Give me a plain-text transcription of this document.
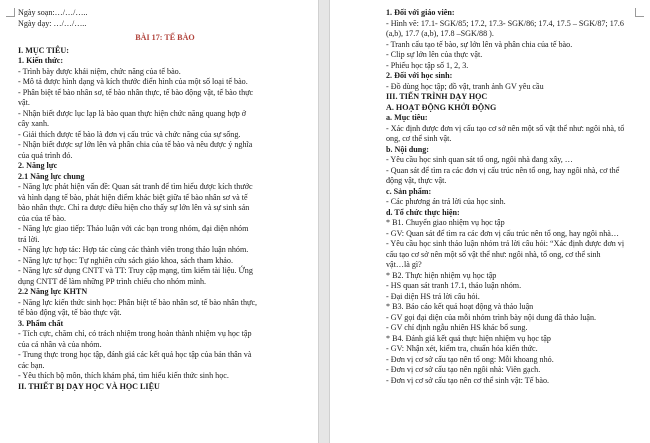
Ngày soạn:…/…/…..
Ngày dạy: …/…/…..
BÀI 17: TẾ BÀO
I. MỤC TIÊU:
1. Kiến thức:
- Trình bày được khái niệm, chức năng của tế bào.
- Mô tả được hình dạng và kích thước điển hình của một số loại tế bào.
- Phân biệt tế bào nhân sơ, tế bào nhân thực, tế bào động vật, tế bào thực
vật.
- Nhận biết được lục lạp là bào quan thực hiện chức năng quang hợp ở
cây xanh.
- Giải thích được tế bào là đơn vị cấu trúc và chức năng của sự sống.
- Nhận biết được sự lớn lên và phân chia của tế bào và nêu được ý nghĩa
của quá trình đó.
2. Năng lực
2.1 Năng lực chung
- Năng lực phát hiện vấn đề: Quan sát tranh để tìm hiểu được kích thước
và hình dạng tế bào, phát hiện điểm khác biệt giữa tế bào nhân sơ và tế
bào nhân thực. Chỉ ra được điều hiện cho thấy sự lớn lên và sự sinh sản
của của tế bào.
- Năng lực giao tiếp: Thảo luận với các bạn trong nhóm, đại diện nhóm
trả lời.
- Năng lực hợp tác: Hợp tác cùng các thành viên trong thảo luận nhóm.
- Năng lực tự học: Tự nghiên cứu sách giáo khoa, sách tham khảo.
- Năng lực sử dụng CNTT và TT: Truy cập mạng, tìm kiếm tài liệu. Ứng
dụng CNTT để làm những PP trình chiếu cho nhóm mình.
2.2 Năng lực KHTN
- Năng lực kiến thức sinh học: Phân biệt tế bào nhân sơ, tế bào nhân thực,
tế bào động vật, tế bào thực vật.
3. Phẩm chất
- Tích cực, chăm chỉ, có trách nhiệm trong hoàn thành nhiệm vụ học tập
của cá nhân và của nhóm.
- Trung thực trong học tập, đánh giá các kết quả học tập của bản thân và
các bạn.
- Yêu thích bộ môn, thích khám phá, tìm hiểu kiến thức sinh học.
II. THIẾT BỊ DẠY HỌC VÀ HỌC LIỆU
1. Đối với giáo viên:
- Hình vẽ: 17.1- SGK/85; 17.2, 17.3- SGK/86; 17.4, 17.5 – SGK/87; 17.6
(a,b), 17.7 (a,b), 17.8 –SGK/88 ).
- Tranh cấu tạo tế bào, sự lớn lên và phân chia của tế bào.
- Clip sự lớn lên của thực vật.
- Phiếu học tập số 1, 2, 3.
2. Đối với học sinh:
- Đồ dùng học tập; đồ vật, tranh ảnh GV yêu cầu
III. TIẾN TRÌNH DẠY HỌC
A. HOẠT ĐỘNG KHỞI ĐỘNG
a. Mục tiêu:
- Xác định được đơn vị cấu tạo cơ sở nên một số vật thể như: ngôi nhà, tổ
ong, cơ thể sinh vật.
b. Nội dung:
- Yêu cầu học sinh quan sát tổ ong, ngôi nhà đang xây, …
- Quan sát để tìm ra các đơn vị cấu trúc nên tổ ong, hay ngôi nhà, cơ thể
động vật, thực vật.
c. Sản phẩm:
- Các phương án trả lời của học sinh.
d. Tổ chức thực hiện:
* B1. Chuyển giao nhiệm vụ học tập
- GV: Quan sát để tìm ra các đơn vị cấu trúc nên tổ ong, hay ngôi nhà…
- Yêu cầu học sinh thảo luận nhóm trả lời câu hỏi: “Xác định được đơn vị
cấu tạo cơ sở nên một số vật thể như: ngôi nhà, tổ ong, cơ thể sinh
vật…là gì?
* B2. Thực hiện nhiệm vụ học tập
- HS quan sát tranh 17.1, thảo luận nhóm.
- Đại diện HS trả lời câu hỏi.
* B3. Báo cáo kết quả hoạt động và thảo luận
- GV gọi đại diện của mỗi nhóm trình bày nội dung đã thảo luận.
- GV chỉ định ngẫu nhiên HS khác bổ sung.
* B4. Đánh giá kết quả thực hiện nhiệm vụ học tập
- GV: Nhận xét, kiểm tra, chuẩn hóa kiến thức.
- Đơn vị cơ sở cấu tạo nên tổ ong: Mỗi khoang nhỏ.
- Đơn vị cơ sở cấu tạo nên ngôi nhà: Viên gạch.
- Đơn vị cơ sở cấu tạo nên cơ thể sinh vật: Tế bào.
